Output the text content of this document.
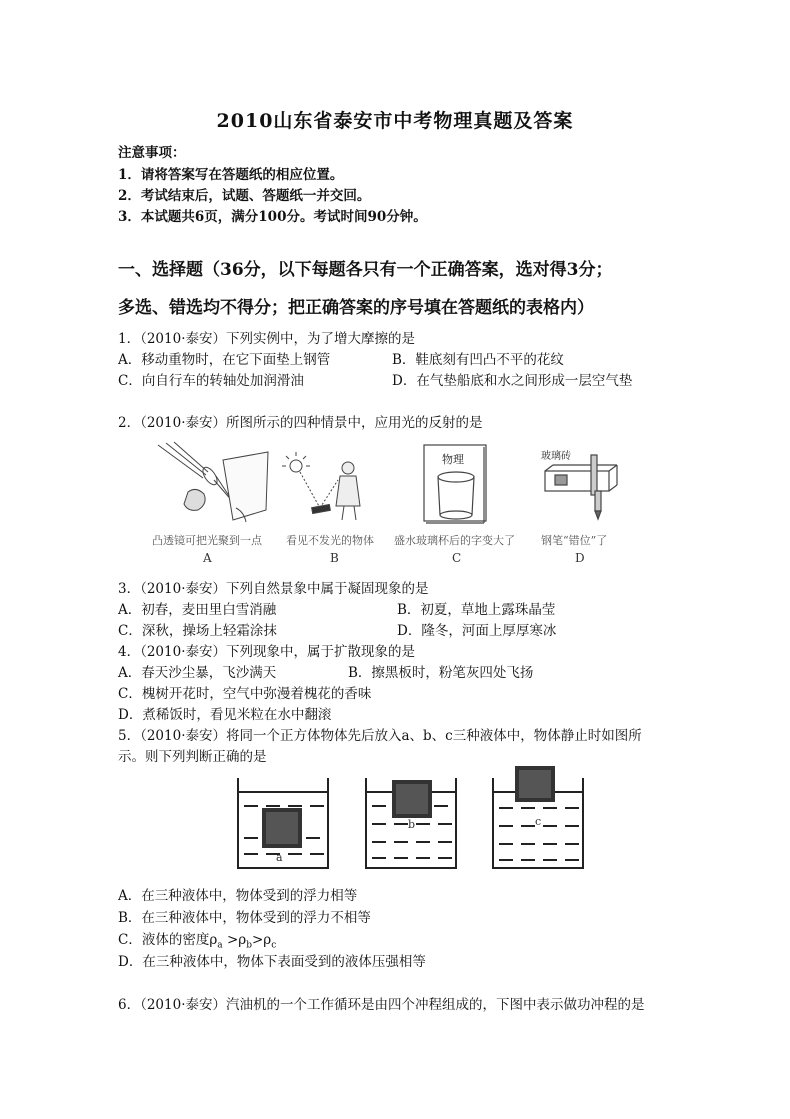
2010山东省泰安市中考物理真题及答案
注意事项：
1．请将答案写在答题纸的相应位置。
2．考试结束后，试题、答题纸一并交回。
3．本试题共6页，满分100分。考试时间90分钟。
一、选择题（36分，以下每题各只有一个正确答案，选对得3分；
多选、错选均不得分；把正确答案的序号填在答题纸的表格内）
1．（2010·泰安）下列实例中，为了增大摩擦的是
A．移动重物时，在它下面垫上钢管	B．鞋底刻有凹凸不平的花纹
C．向自行车的转轴处加润滑油	D．在气垫船底和水之间形成一层空气垫
2．（2010·泰安）所图所示的四种情景中，应用光的反射的是
凸透镜可把光聚到一点
A
看见不发光的物体
B
物理
盛水玻璃杯后的字变大了
C
玻璃砖
钢笔“错位”了
D
3．（2010·泰安）下列自然景象中属于凝固现象的是
A．初春，麦田里白雪消融	B．初夏，草地上露珠晶莹
C．深秋，操场上轻霜涂抹	D．隆冬，河面上厚厚寒冰
4．（2010·泰安）下列现象中，属于扩散现象的是
A．春天沙尘暴，飞沙满天	B．擦黑板时，粉笔灰四处飞扬
C．槐树开花时，空气中弥漫着槐花的香味
D．煮稀饭时，看见米粒在水中翻滚
5．（2010·泰安）将同一个正方体物体先后放入a、b、c三种液体中，物体静止时如图所
示。则下列判断正确的是
a
b	c
A．在三种液体中，物体受到的浮力相等
B．在三种液体中，物体受到的浮力不相等
C．液体的密度$\rho_a >\rho_b>\rho_c$
D．在三种液体中，物体下表面受到的液体压强相等
6．（2010·泰安）汽油机的一个工作循环是由四个冲程组成的，下图中表示做功冲程的是
